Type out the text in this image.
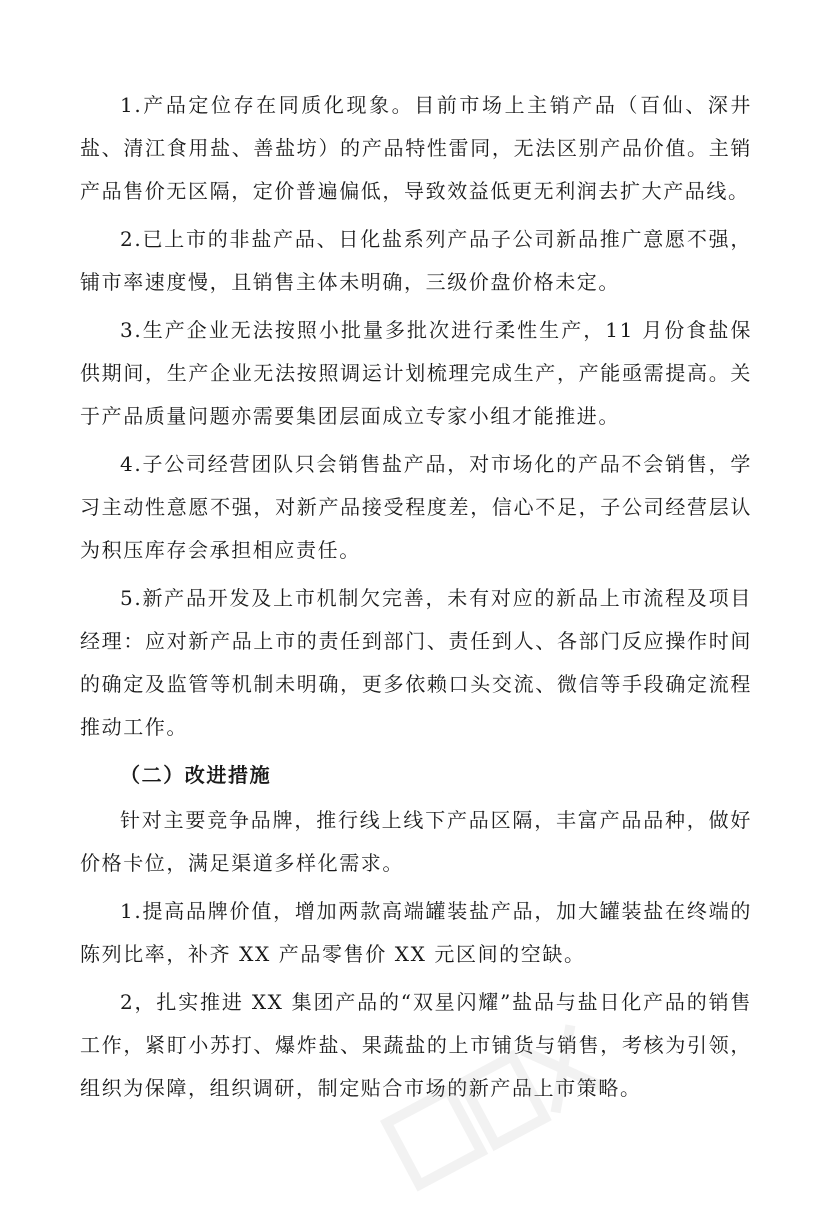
1.产品定位存在同质化现象。目前市场上主销产品（百仙、深井盐、清江食用盐、善盐坊）的产品特性雷同，无法区别产品价值。主销产品售价无区隔，定价普遍偏低，导致效益低更无利润去扩大产品线。

2.已上市的非盐产品、日化盐系列产品子公司新品推广意愿不强，铺市率速度慢，且销售主体未明确，三级价盘价格未定。

3.生产企业无法按照小批量多批次进行柔性生产，11 月份食盐保供期间，生产企业无法按照调运计划梳理完成生产，产能亟需提高。关于产品质量问题亦需要集团层面成立专家小组才能推进。

4.子公司经营团队只会销售盐产品，对市场化的产品不会销售，学习主动性意愿不强，对新产品接受程度差，信心不足，子公司经营层认为积压库存会承担相应责任。

5.新产品开发及上市机制欠完善，未有对应的新品上市流程及项目经理：应对新产品上市的责任到部门、责任到人、各部门反应操作时间的确定及监管等机制未明确，更多依赖口头交流、微信等手段确定流程推动工作。

（二）改进措施

针对主要竞争品牌，推行线上线下产品区隔，丰富产品品种，做好价格卡位，满足渠道多样化需求。

1.提高品牌价值，增加两款高端罐装盐产品，加大罐装盐在终端的陈列比率，补齐 XX 产品零售价 XX 元区间的空缺。

2，扎实推进 XX 集团产品的“双星闪耀”盐品与盐日化产品的销售工作，紧盯小苏打、爆炸盐、果蔬盐的上市铺货与销售，考核为引领，组织为保障，组织调研，制定贴合市场的新产品上市策略。
